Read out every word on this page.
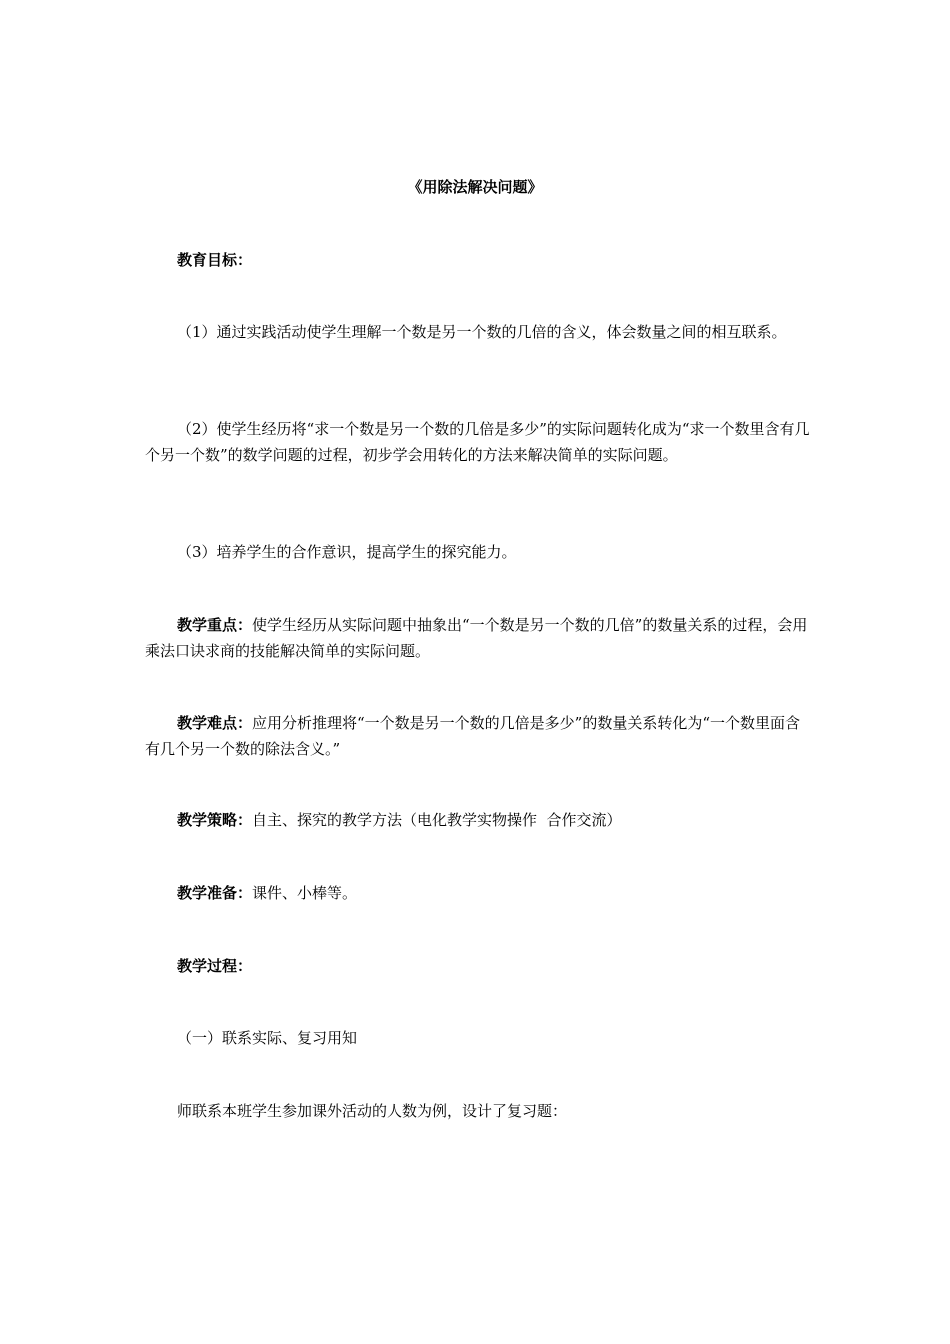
《用除法解决问题》
教育目标：
（1）通过实践活动使学生理解一个数是另一个数的几倍的含义，体会数量之间的相互联系。
（2）使学生经历将“求一个数是另一个数的几倍是多少”的实际问题转化成为“求一个数里含有几个另一个数”的数学问题的过程，初步学会用转化的方法来解决简单的实际问题。
（3）培养学生的合作意识，提高学生的探究能力。
教学重点：使学生经历从实际问题中抽象出“一个数是另一个数的几倍”的数量关系的过程，会用乘法口诀求商的技能解决简单的实际问题。
教学难点：应用分析推理将“一个数是另一个数的几倍是多少”的数量关系转化为“一个数里面含有几个另一个数的除法含义。”
教学策略：自主、探究的教学方法（电化教学实物操作  合作交流）
教学准备：课件、小棒等。
教学过程：
（一）联系实际、复习用知
师联系本班学生参加课外活动的人数为例，设计了复习题：
